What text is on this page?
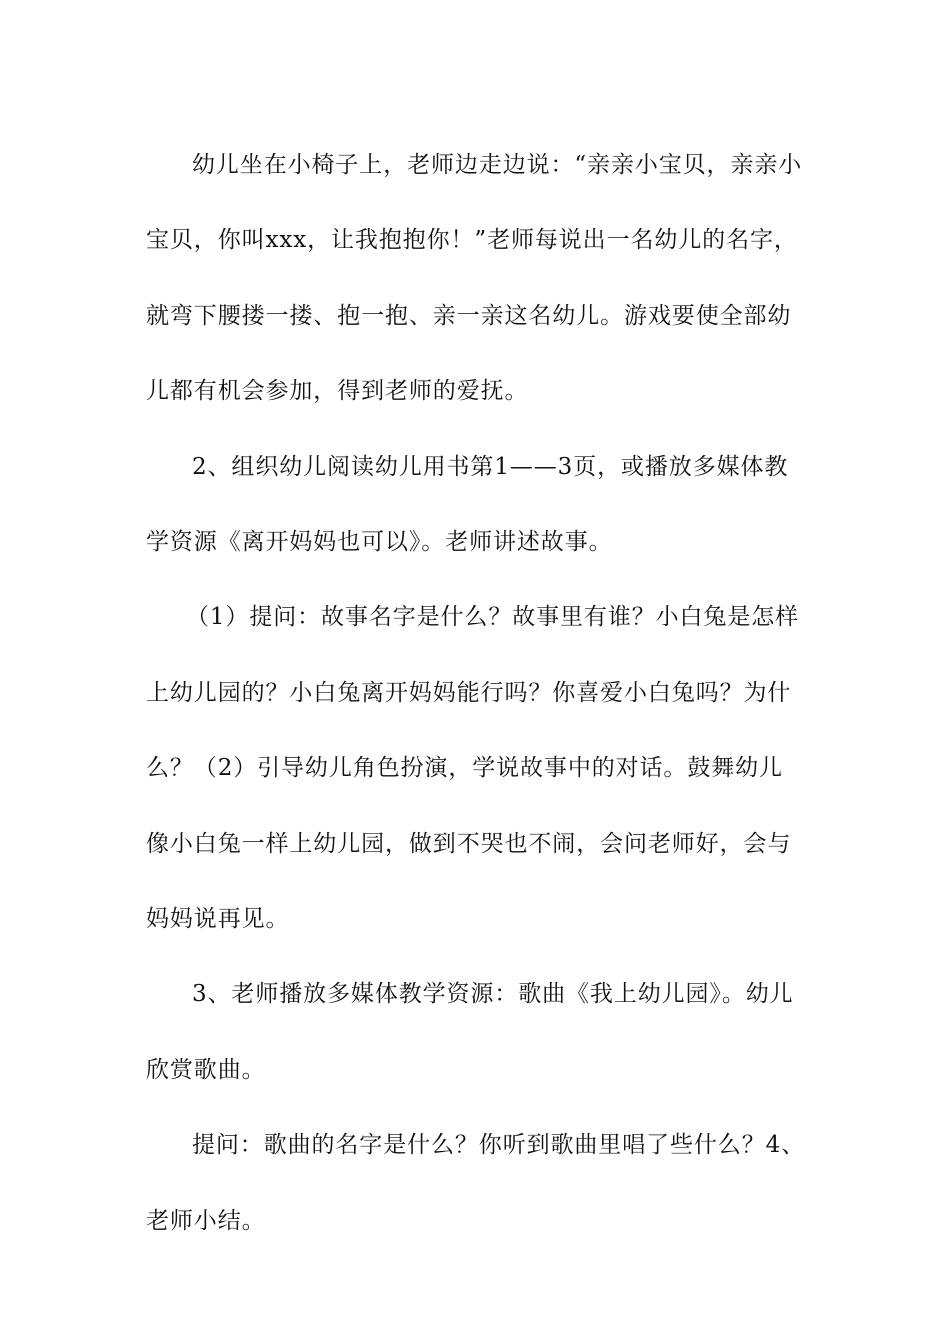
幼儿坐在小椅子上，老师边走边说：“亲亲小宝贝，亲亲小宝贝，你叫xxx，让我抱抱你！”老师每说出一名幼儿的名字，就弯下腰搂一搂、抱一抱、亲一亲这名幼儿。游戏要使全部幼儿都有机会参加，得到老师的爱抚。

2、组织幼儿阅读幼儿用书第1——3页，或播放多媒体教学资源《离开妈妈也可以》。老师讲述故事。

（1）提问：故事名字是什么？故事里有谁？小白兔是怎样上幼儿园的？小白兔离开妈妈能行吗？你喜爱小白兔吗？为什么？（2）引导幼儿角色扮演，学说故事中的对话。鼓舞幼儿像小白兔一样上幼儿园，做到不哭也不闹，会问老师好，会与妈妈说再见。

3、老师播放多媒体教学资源：歌曲《我上幼儿园》。幼儿欣赏歌曲。

提问：歌曲的名字是什么？你听到歌曲里唱了些什么？4、老师小结。
